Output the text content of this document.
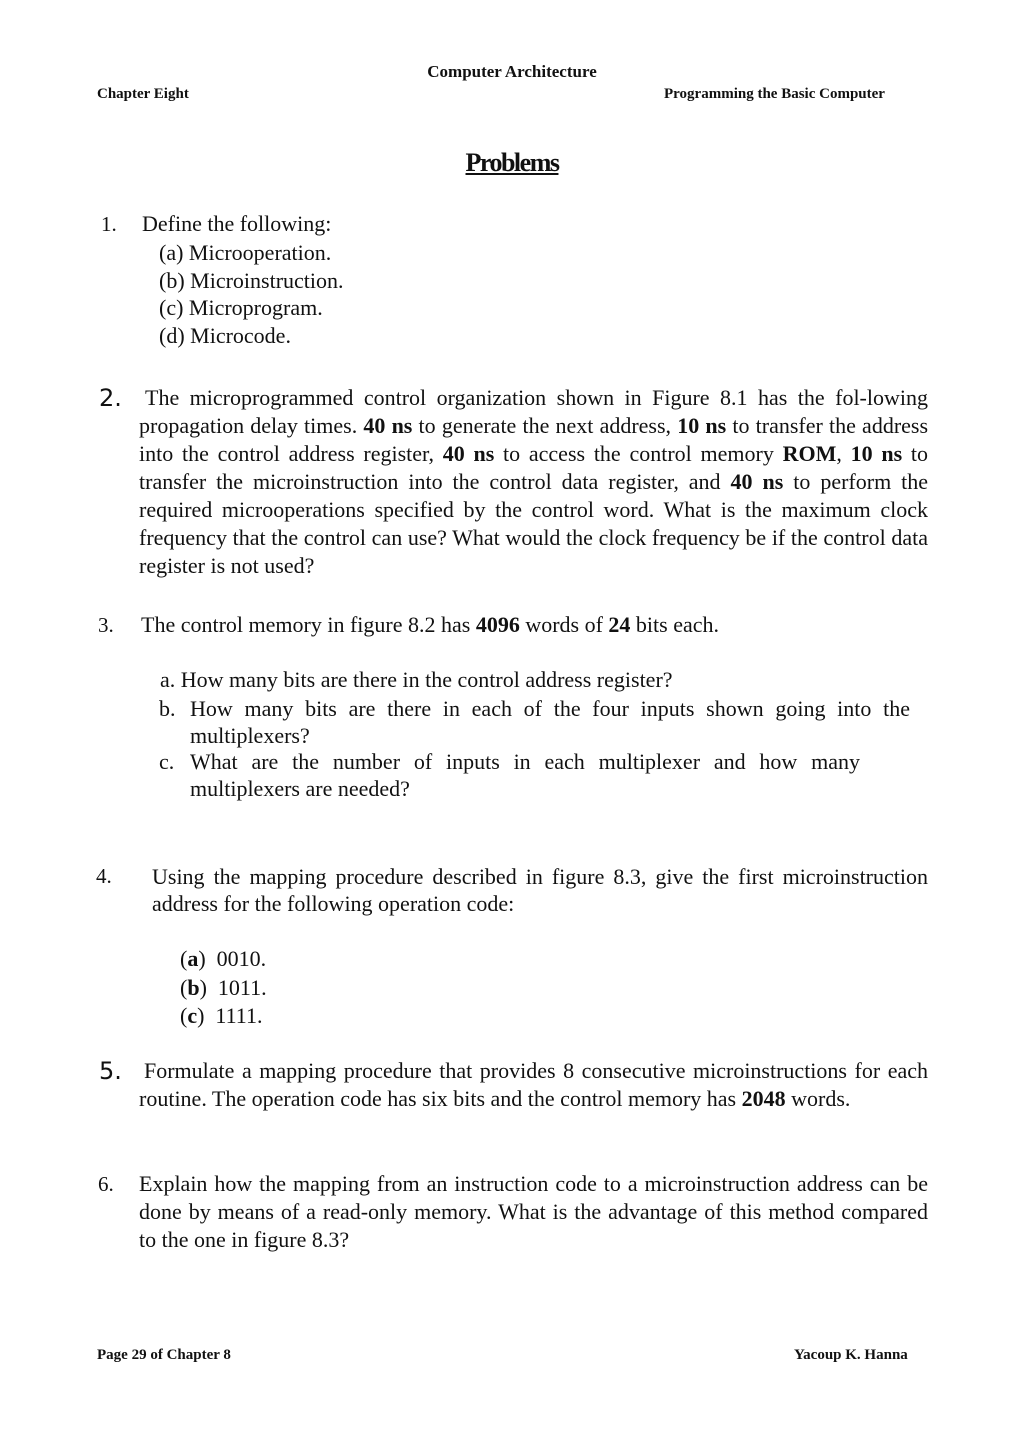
Computer Architecture
Chapter Eight	Programming the Basic Computer
Problems
1. Define the following:
(a) Microoperation.
(b) Microinstruction.
(c) Microprogram.
(d) Microcode.
2. The microprogrammed control organization shown in Figure 8.1 has the fol-lowing propagation delay times. 40 ns to generate the next address, 10 ns to transfer the address into the control address register, 40 ns to access the control memory ROM, 10 ns to transfer the microinstruction into the control data register, and 40 ns to perform the required microoperations specified by the control word. What is the maximum clock frequency that the control can use? What would the clock frequency be if the control data register is not used?
3. The control memory in figure 8.2 has 4096 words of 24 bits each.
a. How many bits are there in the control address register?
b. How many bits are there in each of the four inputs shown going into the multiplexers?
c. What are the number of inputs in each multiplexer and how many multiplexers are needed?
4. Using the mapping procedure described in figure 8.3, give the first microinstruction address for the following operation code:
(a) 0010.
(b) 1011.
(c) 1111.
5. Formulate a mapping procedure that provides 8 consecutive microinstructions for each routine. The operation code has six bits and the control memory has 2048 words.
6. Explain how the mapping from an instruction code to a microinstruction address can be done by means of a read-only memory. What is the advantage of this method compared to the one in figure 8.3?
Page 29 of Chapter 8	Yacoup K. Hanna
